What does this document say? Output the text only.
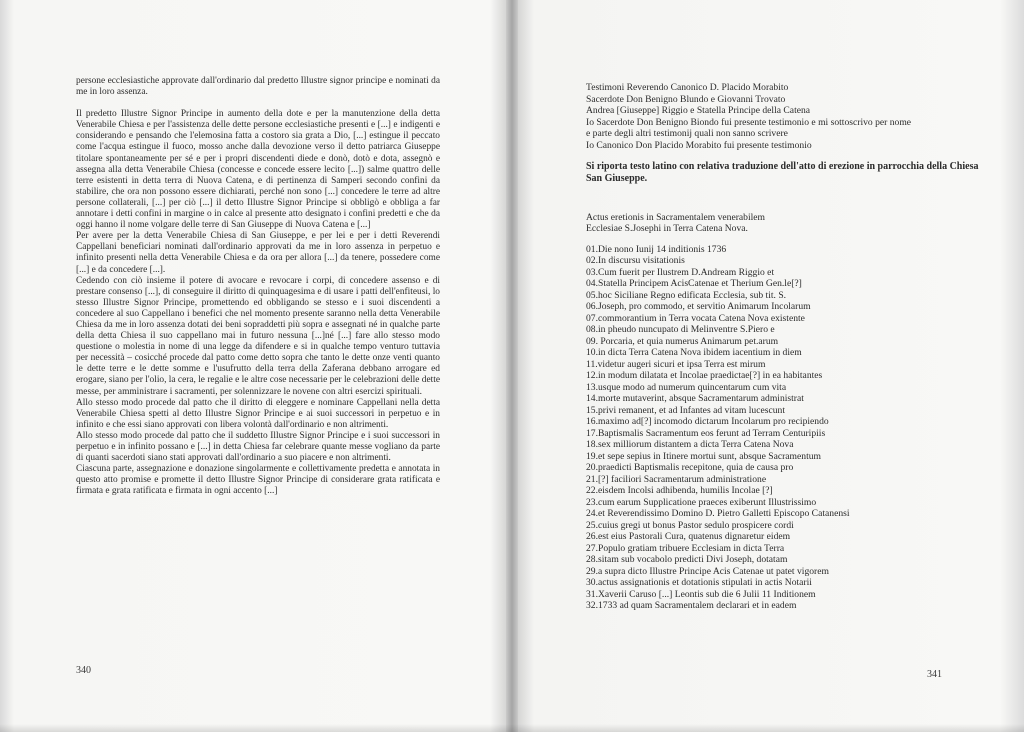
persone ecclesiastiche approvate dall'ordinario dal predetto Illustre signor principe e nominati da me in loro assenza.

Il predetto Illustre Signor Principe in aumento della dote e per la manutenzione della detta Venerabile Chiesa e per l'assistenza delle dette persone ecclesiastiche presenti e [...] e indigenti e considerando e pensando che l'elemosina fatta a costoro sia grata a Dio, [...] estingue il peccato come l'acqua estingue il fuoco, mosso anche dalla devozione verso il detto patriarca Giuseppe titolare spontaneamente per sé e per i propri discendenti diede e donò, dotò e dota, assegnò e assegna alla detta Venerabile Chiesa (concesse e concede essere lecito [...]) salme quattro delle terre esistenti in detta terra di Nuova Catena, e di pertinenza di Samperi secondo confini da stabilire, che ora non possono essere dichiarati, perché non sono [...] concedere le terre ad altre persone collaterali, [...] per ciò [...] il detto Illustre Signor Principe si obbligò e obbliga a far annotare i detti confini in margine o in calce al presente atto designato i confini predetti e che da oggi hanno il nome volgare delle terre di San Giuseppe di Nuova Catena e [...]

Per avere per la detta Venerabile Chiesa di San Giuseppe, e per lei e per i detti Reverendi Cappellani beneficiari nominati dall'ordinario approvati da me in loro assenza in perpetuo e infinito presenti nella detta Venerabile Chiesa e da ora per allora [...] da tenere, possedere come [...] e da concedere [...].

Cedendo con ciò insieme il potere di avocare e revocare i corpi, di concedere assenso e di prestare consenso [...], di conseguire il diritto di quinquagesima e di usare i patti dell'enfiteusi, lo stesso Illustre Signor Principe, promettendo ed obbligando se stesso e i suoi discendenti a concedere al suo Cappellano i benefici che nel momento presente saranno nella detta Venerabile Chiesa da me in loro assenza dotati dei beni sopraddetti più sopra e assegnati né in qualche parte della detta Chiesa il suo cappellano mai in futuro nessuna [...]né [...] fare allo stesso modo questione o molestia in nome di una legge da difendere e si in qualche tempo venturo tuttavia per necessità – cosicché procede dal patto come detto sopra che tanto le dette onze venti quanto le dette terre e le dette somme e l'usufrutto della terra della Zaferana debbano arrogare ed erogare, siano per l'olio, la cera, le regalie e le altre cose necessarie per le celebrazioni delle dette messe, per amministrare i sacramenti, per solennizzare le novene con altri esercizi spirituali.

Allo stesso modo procede dal patto che il diritto di eleggere e nominare Cappellani nella detta Venerabile Chiesa spetti al detto Illustre Signor Principe e ai suoi successori in perpetuo e in infinito e che essi siano approvati con libera volontà dall'ordinario e non altrimenti.

Allo stesso modo procede dal patto che il suddetto Illustre Signor Principe e i suoi successori in perpetuo e in infinito possano e [...] in detta Chiesa far celebrare quante messe vogliano da parte di quanti sacerdoti siano stati approvati dall'ordinario a suo piacere e non altrimenti.

Ciascuna parte, assegnazione e donazione singolarmente e collettivamente predetta e annotata in questo atto promise e promette il detto Illustre Signor Principe di considerare grata ratificata e firmata e grata ratificata e firmata in ogni accento [...]

340
Testimoni Reverendo Canonico D. Placido Morabito
Sacerdote Don Benigno Blundo e Giovanni Trovato
Andrea [Giuseppe] Riggio e Statella Principe della Catena
Io Sacerdote Don Benigno Biondo fui presente testimonio e mi sottoscrivo per nome
e parte degli altri testimonij quali non sanno scrivere
Io Canonico Don Placido Morabito fui presente testimonio
Si riporta testo latino con relativa traduzione dell'atto di erezione in parrocchia della Chiesa San Giuseppe.
Actus eretionis in Sacramentalem venerabilem
Ecclesiae S.Josephi in Terra Catena Nova.
01.Die nono Iunij 14 inditionis 1736
02.In discursu visitationis
03.Cum fuerit per Ilustrem D.Andream Riggio et
04.Statella Principem AcisCatenae et Therium Gen.le[?]
05.hoc Siciliane Regno edificata Ecclesia, sub tit. S.
06.Joseph, pro commodo, et servitio Animarum Incolarum
07.commorantium in Terra vocata Catena Nova existente
08.in pheudo nuncupato di Melinventre S.Piero e
09. Porcaria, et quia numerus Animarum pet.arum
10.in dicta Terra Catena Nova ibidem iacentium in diem
11.videtur augeri sicuri et ipsa Terra est mirum
12.in modum dilatata et Incolae praedictae[?] in ea habitantes
13.usque modo ad numerum quincentarum cum vita
14.morte mutaverint, absque Sacramentarum administrat
15.privi remanent, et ad Infantes ad vitam lucescunt
16.maximo ad[?] incomodo dictarum Incolarum pro recipiendo
17.Baptismalis Sacramentum eos ferunt ad Terram Centuripiis
18.sex milliorum distantem a dicta Terra Catena Nova
19.et sepe sepius in Itinere mortui sunt, absque Sacramentum
20.praedicti Baptismalis recepitone, quia de causa pro
21.[?] faciliori Sacramentarum administratione
22.eisdem Incolsi adhibenda, humilis Incolae [?]
23.cum earum Supplicatione praeces exiberunt Illustrissimo
24.et Reverendissimo Domino D. Pietro Galletti Episcopo Catanensi
25.cuius gregi ut bonus Pastor sedulo prospicere cordi
26.est eius Pastorali Cura, quatenus dignaretur eidem
27.Populo gratiam tribuere Ecclesiam in dicta Terra
28.sitam sub vocabolo predicti Divi Joseph, dotatam
29.a supra dicto Illustre Principe Acis Catenae ut patet vigorem
30.actus assignationis et dotationis stipulati in actis Notarii
31.Xaverii Caruso [...] Leontis sub die 6 Julii 11 Inditionem
32.1733 ad quam Sacramentalem declarari et in eadem
341
